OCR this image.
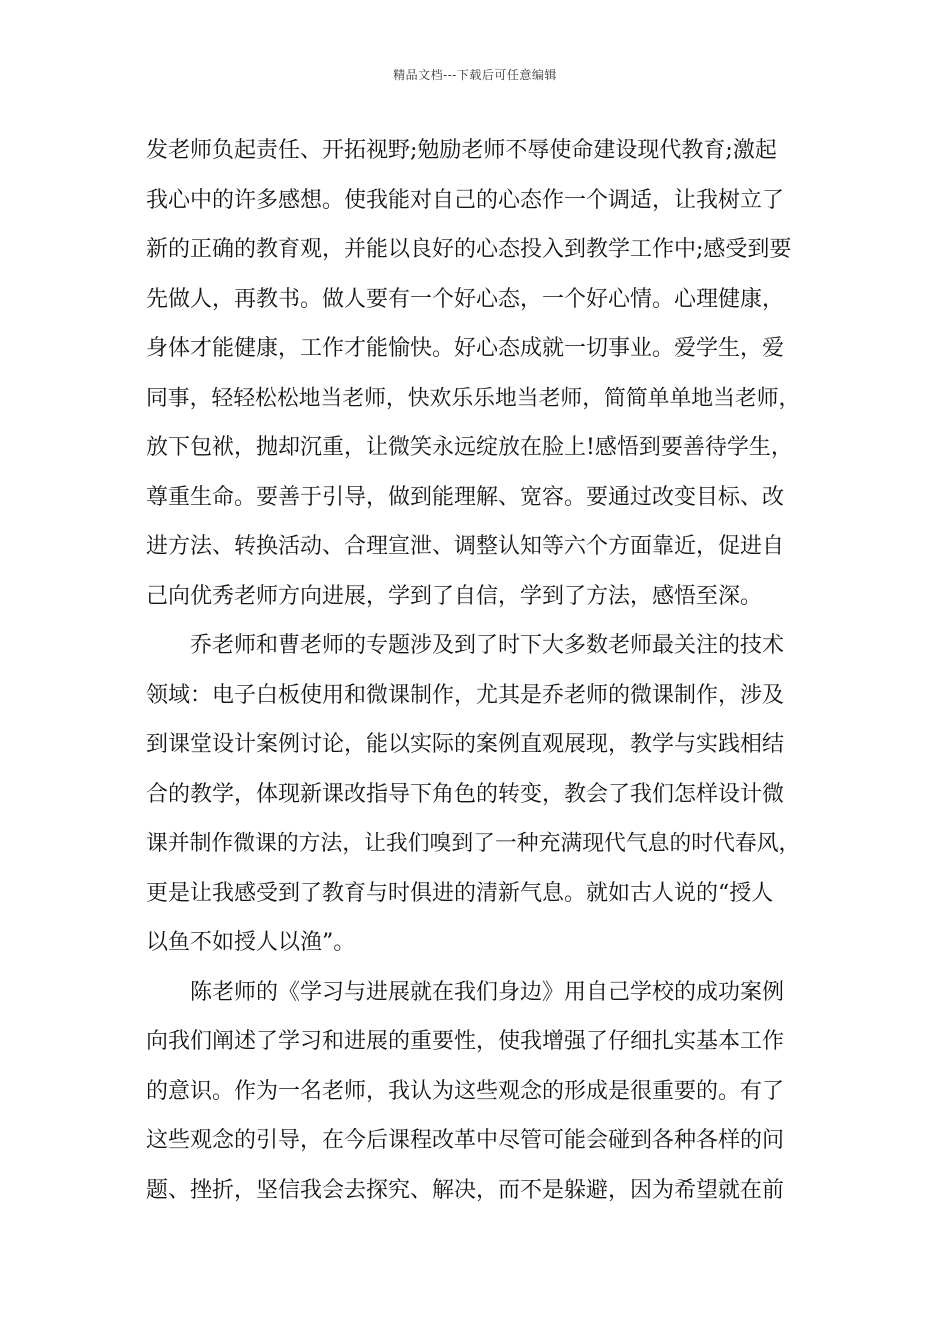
精品文档---下载后可任意编辑
发老师负起责任、开拓视野;勉励老师不辱使命建设现代教育;激起
我心中的许多感想。使我能对自己的心态作一个调适，让我树立了
新的正确的教育观，并能以良好的心态投入到教学工作中;感受到要
先做人，再教书。做人要有一个好心态，一个好心情。心理健康，
身体才能健康，工作才能愉快。好心态成就一切事业。爱学生，爱
同事，轻轻松松地当老师，快欢乐乐地当老师，简简单单地当老师，
放下包袱，抛却沉重，让微笑永远绽放在脸上!感悟到要善待学生，
尊重生命。要善于引导，做到能理解、宽容。要通过改变目标、改
进方法、转换活动、合理宣泄、调整认知等六个方面靠近，促进自
己向优秀老师方向进展，学到了自信，学到了方法，感悟至深。
乔老师和曹老师的专题涉及到了时下大多数老师最关注的技术
领域：电子白板使用和微课制作，尤其是乔老师的微课制作，涉及
到课堂设计案例讨论，能以实际的案例直观展现，教学与实践相结
合的教学，体现新课改指导下角色的转变，教会了我们怎样设计微
课并制作微课的方法，让我们嗅到了一种充满现代气息的时代春风，
更是让我感受到了教育与时俱进的清新气息。就如古人说的“授人
以鱼不如授人以渔”。
陈老师的《学习与进展就在我们身边》用自己学校的成功案例
向我们阐述了学习和进展的重要性，使我增强了仔细扎实基本工作
的意识。作为一名老师，我认为这些观念的形成是很重要的。有了
这些观念的引导，在今后课程改革中尽管可能会碰到各种各样的问
题、挫折，坚信我会去探究、解决，而不是躲避，因为希望就在前
